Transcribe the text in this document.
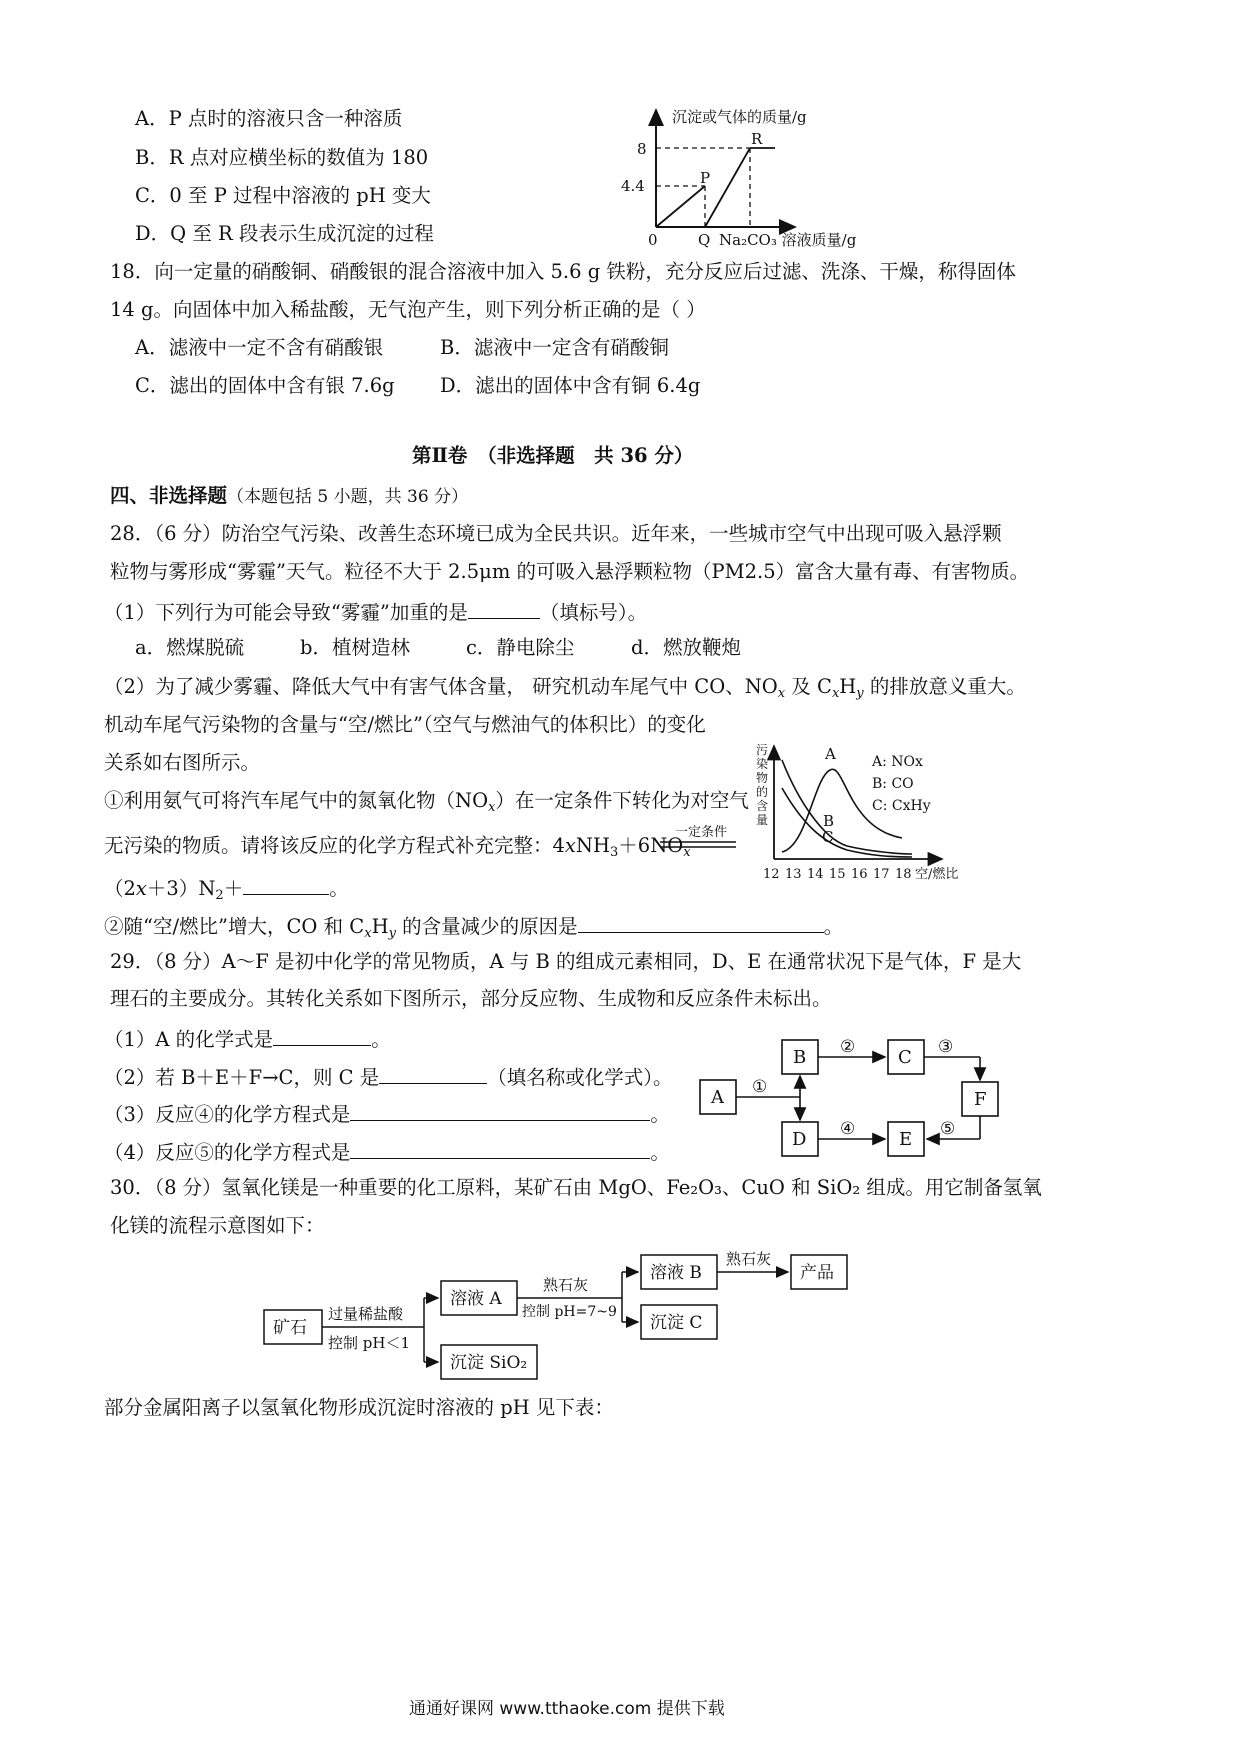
A．P 点时的溶液只含一种溶质
B．R 点对应横坐标的数值为 180
C．0 至 P 过程中溶液的 pH 变大
D．Q 至 R 段表示生成沉淀的过程
沉淀或气体的质量/g
8
4.4
R
P
0	Q Na₂CO₃ 溶液质量/g
18．向一定量的硝酸铜、硝酸银的混合溶液中加入 5.6 g 铁粉，充分反应后过滤、洗涤、干燥，称得固体
14 g。向固体中加入稀盐酸，无气泡产生，则下列分析正确的是（ ）
A．滤液中一定不含有硝酸银	B．滤液中一定含有硝酸铜
C．滤出的固体中含有银 7.6g D．滤出的固体中含有铜 6.4g
第Ⅱ卷　（非选择题　共 36 分）
四、非选择题（本题包括 5 小题，共 36 分）
28．（6 分）防治空气污染、改善生态环境已成为全民共识。近年来，一些城市空气中出现可吸入悬浮颗
粒物与雾形成“雾霾”天气。粒径不大于 2.5μm 的可吸入悬浮颗粒物（PM2.5）富含大量有毒、有害物质。
（1）下列行为可能会导致“雾霾”加重的是	（填标号）。
a．燃煤脱硫	b．植树造林	c．静电除尘	d．燃放鞭炮
（2）为了减少雾霾、降低大气中有害气体含量， 研究机动车尾气中 CO、$NO_x$ 及 $C_xH_y$ 的排放意义重大。
机动车尾气污染物的含量与“空/燃比”（空气与燃油气的体积比）的变化
关系如右图所示。
①利用氨气可将汽车尾气中的氮氧化物$(NO_x)$在一定条件下转化为对空气
无污染的物质。请将该反应的化学方程式补充完整：$4xNH_3+6NO_x$
一定条件
$(2x+3)N_2+$	。
②随“空/燃比”增大，CO 和 $C_xH_y$ 的含量减少的原因是	。
A
B
C
A: NOx
B: CO
C: CxHy
污
染
物
的
含
量
12 13 14 15 16 17 18 空/燃比
29．（8 分）A～F 是初中化学的常见物质，A 与 B 的组成元素相同，D、E 在通常状况下是气体，F 是大
理石的主要成分。其转化关系如下图所示，部分反应物、生成物和反应条件未标出。
（1）A 的化学式是	。
（2）若 B＋E＋F→C，则 C 是	（填名称或化学式）。
（3）反应④的化学方程式是	。
（4）反应⑤的化学方程式是	。
A
B	C
F
D	E
①
②	③
④	⑤
30．（8 分）氢氧化镁是一种重要的化工原料，某矿石由 MgO、Fe₂O₃、CuO 和 SiO₂ 组成。用它制备氢氧
化镁的流程示意图如下：
矿石
过量稀盐酸
控制 pH＜1
溶液 A
沉淀 SiO₂
熟石灰
控制 pH=7~9
溶液 B
沉淀 C
熟石灰
产品
部分金属阳离子以氢氧化物形成沉淀时溶液的 pH 见下表：
通通好课网 www.tthaoke.com 提供下载
